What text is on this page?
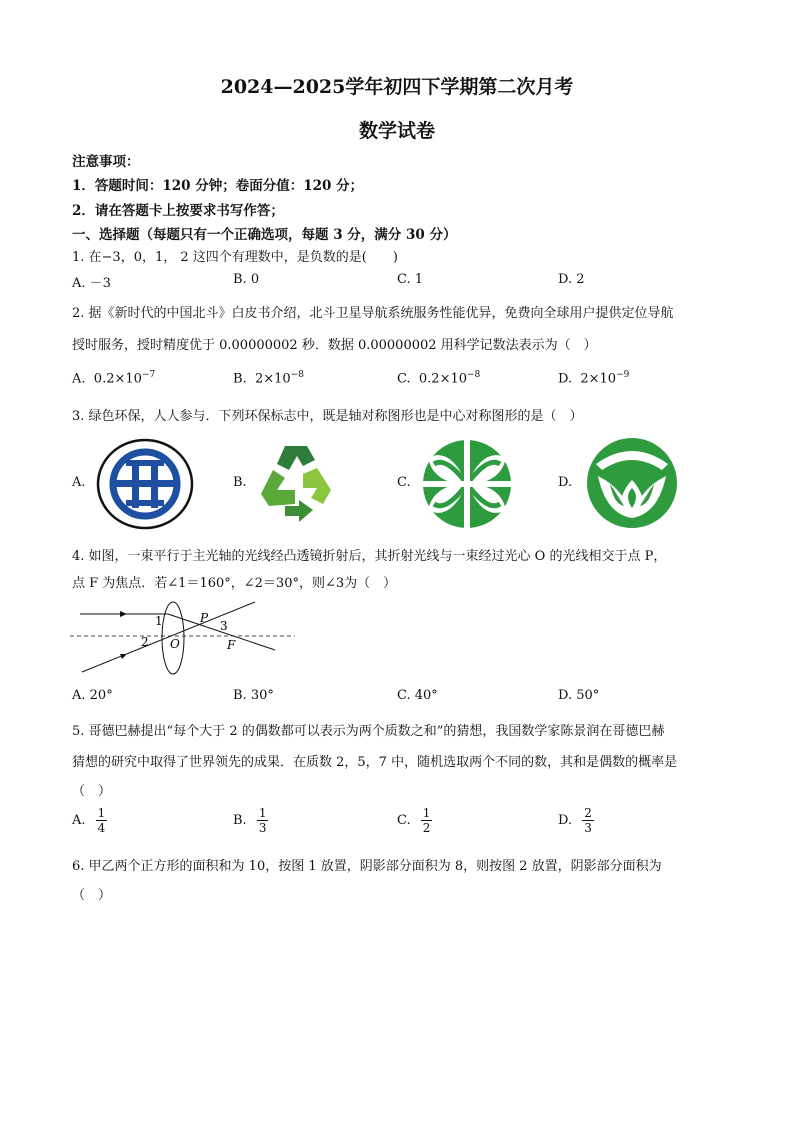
2024—2025学年初四下学期第二次月考
数学试卷
注意事项：
1．答题时间：120 分钟；卷面分值：120 分；
2．请在答题卡上按要求书写作答；
一、选择题（每题只有一个正确选项，每题 3 分，满分 30 分）
1. 在−3，0，1， 2 这四个有理数中，是负数的是(　　)
A. －3	B. 0	C. 1	D. 2
2. 据《新时代的中国北斗》白皮书介绍，北斗卫星导航系统服务性能优异，免费向全球用户提供定位导航
授时服务，授时精度优于 0.00000002 秒．数据 0.00000002 用科学记数法表示为（　）
A. $0.2\times 10^{-7}$	B. $2\times 10^{-8}$	C. $0.2\times 10^{-8}$	D. $2\times 10^{-9}$
3. 绿色环保，人人参与．下列环保标志中，既是轴对称图形也是中心对称图形的是（　）
A.	B.	C.	D.
4. 如图，一束平行于主光轴的光线经凸透镜折射后，其折射光线与一束经过光心 O 的光线相交于点 P，
点 F 为焦点．若∠1＝160°，∠2＝30°，则∠3为（　）
1
2
3
P
O	F
A. 20°	B. 30°	C. 40°	D. 50°
5. 哥德巴赫提出“每个大于 2 的偶数都可以表示为两个质数之和”的猜想，我国数学家陈景润在哥德巴赫
猜想的研究中取得了世界领先的成果．在质数 2，5，7 中，随机选取两个不同的数，其和是偶数的概率是
（　）
A. $\frac{1}{4}$	B. $\frac{1}{3}$	C. $\frac{1}{2}$	D. $\frac{2}{3}$
6. 甲乙两个正方形的面积和为 10，按图 1 放置，阴影部分面积为 8，则按图 2 放置，阴影部分面积为
（　）
